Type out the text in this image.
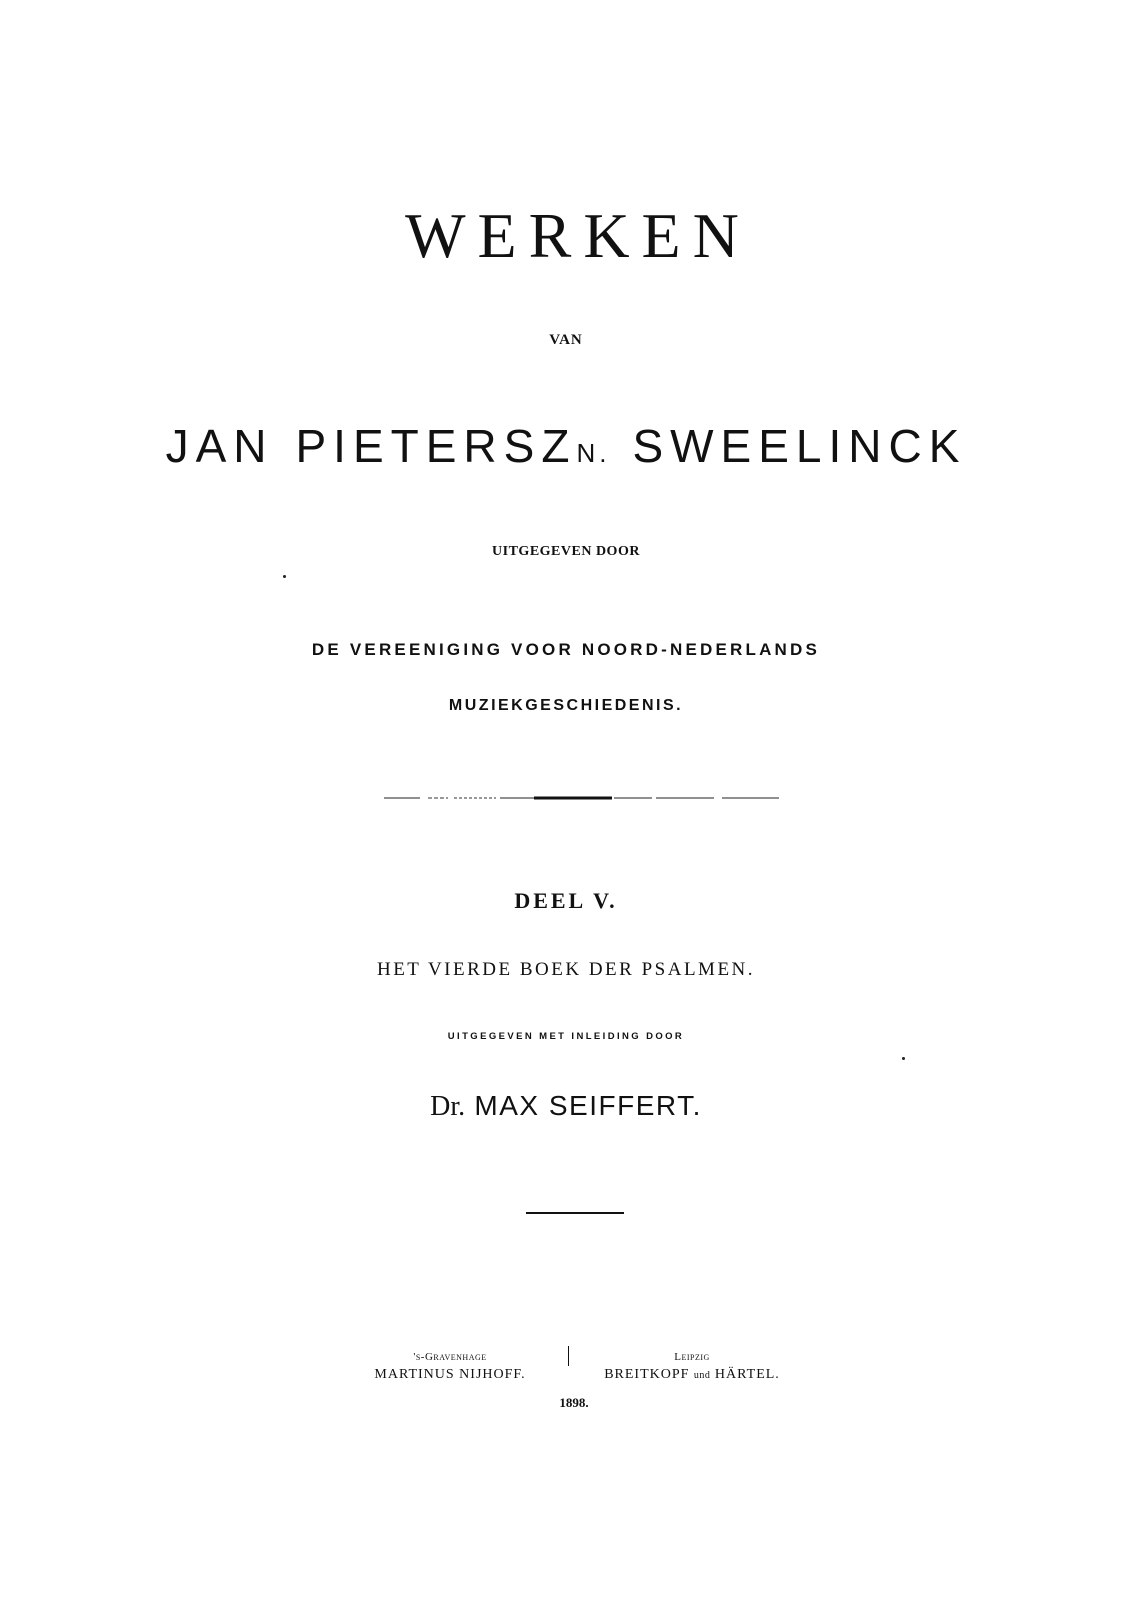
WERKEN
VAN
JAN PIETERSZN. SWEELINCK
UITGEGEVEN DOOR
DE VEREENIGING VOOR NOORD-NEDERLANDS
MUZIEKGESCHIEDENIS.
DEEL V.
HET VIERDE BOEK DER PSALMEN.
UITGEGEVEN MET INLEIDING DOOR
Dr. MAX SEIFFERT.
's-Gravenhage
MARTINUS NIJHOFF.
Leipzig
BREITKOPF und HÄRTEL.
1898.
